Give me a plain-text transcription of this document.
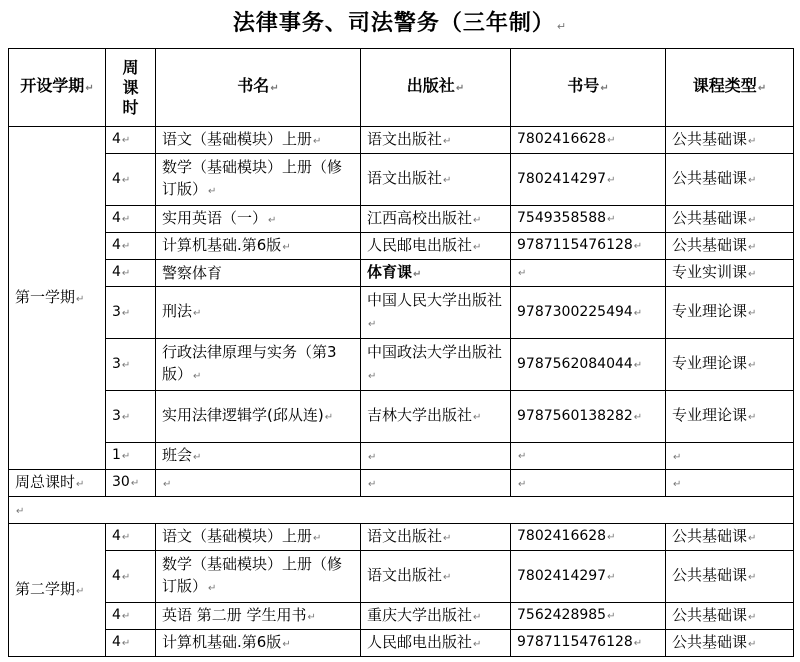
法律事务、司法警务（三年制） ↵
开设学期↵	周
课
时	书名↵	出版社↵	书号↵	课程类型↵
第一学期↵	4↵	语文（基础模块）上册↵	语文出版社↵	7802416628↵	公共基础课↵
	4↵	数学（基础模块）上册（修订版）↵	语文出版社↵	7802414297↵	公共基础课↵
	4↵	实用英语（一）↵	江西高校出版社↵	7549358588↵	公共基础课↵
	4↵	计算机基础.第6版↵	人民邮电出版社↵	9787115476128↵	公共基础课↵
	4↵	警察体育	体育课↵	↵	专业实训课↵
	3↵	刑法↵	中国人民大学出版社↵	9787300225494↵	专业理论课↵
	3↵	行政法律原理与实务（第3版）↵	中国政法大学出版社↵	9787562084044↵	专业理论课↵
	3↵	实用法律逻辑学(邱从连)↵	吉林大学出版社↵	9787560138282↵	专业理论课↵
	1↵	班会↵	↵	↵	↵
周总课时↵	30↵	↵	↵	↵	↵
↵					
第二学期↵	4↵	语文（基础模块）上册↵	语文出版社↵	7802416628↵	公共基础课↵
	4↵	数学（基础模块）上册（修订版）↵	语文出版社↵	7802414297↵	公共基础课↵
	4↵	英语 第二册 学生用书↵	重庆大学出版社↵	7562428985↵	公共基础课↵
	4↵	计算机基础.第6版↵	人民邮电出版社↵	9787115476128↵	公共基础课↵
